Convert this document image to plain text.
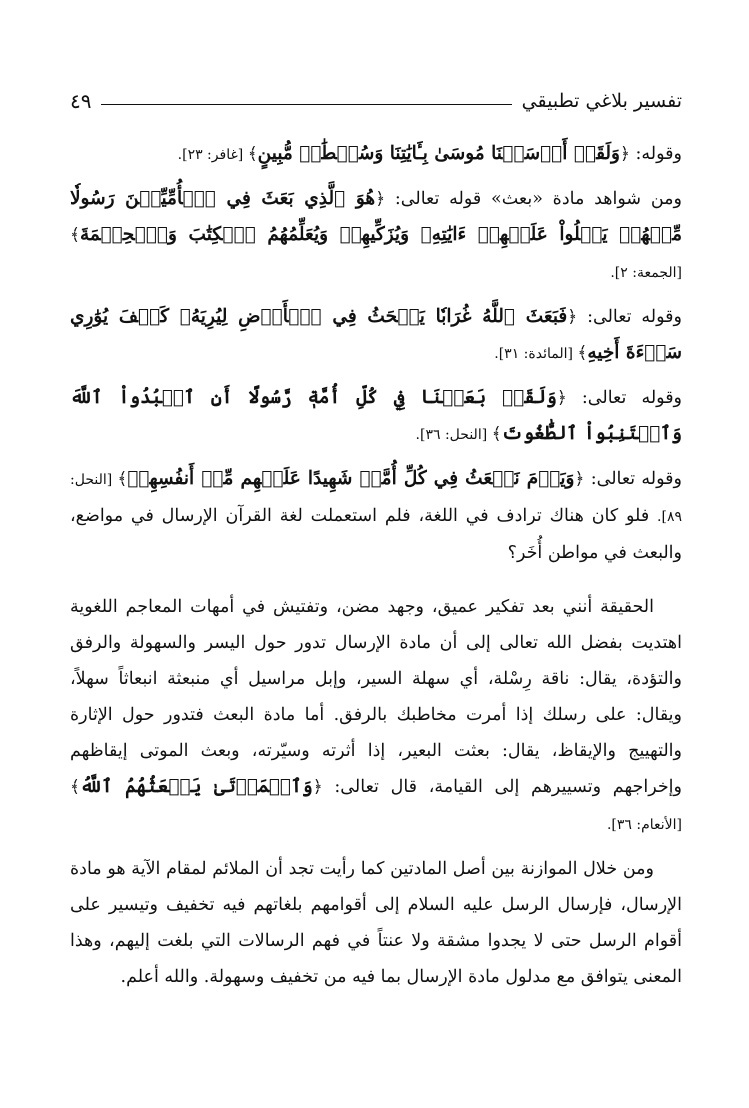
تفسير بلاغي تطبيقي
٤٩

وقوله: ﴿وَلَقَدۡ أَرۡسَلۡنَا مُوسَىٰ بِـَٔايَٰتِنَا وَسُلۡطَٰنٖ مُّبِينٍ﴾ [غافر: ٢٣].

ومن شواهد مادة «بعث» قوله تعالى: ﴿هُوَ ٱلَّذِي بَعَثَ فِي ٱلۡأُمِّيِّـۧنَ رَسُولٗا مِّنۡهُمۡ يَتۡلُواْ عَلَيۡهِمۡ ءَايَٰتِهِۦ وَيُزَكِّيهِمۡ وَيُعَلِّمُهُمُ ٱلۡكِتَٰبَ وَٱلۡحِكۡمَةَ﴾ [الجمعة: ٢].

وقوله تعالى: ﴿فَبَعَثَ ٱللَّهُ غُرَابٗا يَبۡحَثُ فِي ٱلۡأَرۡضِ لِيُرِيَهُۥ كَيۡفَ يُوَٰرِي سَوۡءَةَ أَخِيهِ﴾ [المائدة: ٣١].

وقوله تعالى: ﴿وَلَقَدۡ بَعَثۡنَا فِي كُلِّ أُمَّةٖ رَّسُولًا أَنِ ٱعۡبُدُواْ ٱللَّهَ وَٱجۡتَنِبُواْ ٱلطَّٰغُوتَ﴾ [النحل: ٣٦].

وقوله تعالى: ﴿وَيَوۡمَ نَبۡعَثُ فِي كُلِّ أُمَّةٖ شَهِيدًا عَلَيۡهِم مِّنۡ أَنفُسِهِمۡ﴾ [النحل: ٨٩]. فلو كان هناك ترادف في اللغة، فلم استعملت لغة القرآن الإرسال في مواضع، والبعث في مواطن أُخَر؟

الحقيقة أنني بعد تفكير عميق، وجهد مضن، وتفتيش في أمهات المعاجم اللغوية اهتديت بفضل الله تعالى إلى أن مادة الإرسال تدور حول اليسر والسهولة والرفق والتؤدة، يقال: ناقة رِسْلة، أي سهلة السير، وإبل مراسيل أي منبعثة انبعاثاً سهلاً، ويقال: على رسلك إذا أمرت مخاطبك بالرفق. أما مادة البعث فتدور حول الإثارة والتهييج والإيقاظ، يقال: بعثت البعير، إذا أثرته وسيّرته، وبعث الموتى إيقاظهم وإخراجهم وتسييرهم إلى القيامة، قال تعالى: ﴿وَٱلۡمَوۡتَىٰ يَبۡعَثُهُمُ ٱللَّهُ﴾ [الأنعام: ٣٦].

ومن خلال الموازنة بين أصل المادتين كما رأيت تجد أن الملائم لمقام الآية هو مادة الإرسال، فإرسال الرسل عليه السلام إلى أقوامهم بلغاتهم فيه تخفيف وتيسير على أقوام الرسل حتى لا يجدوا مشقة ولا عنتاً في فهم الرسالات التي بلغت إليهم، وهذا المعنى يتوافق مع مدلول مادة الإرسال بما فيه من تخفيف وسهولة. والله أعلم.
